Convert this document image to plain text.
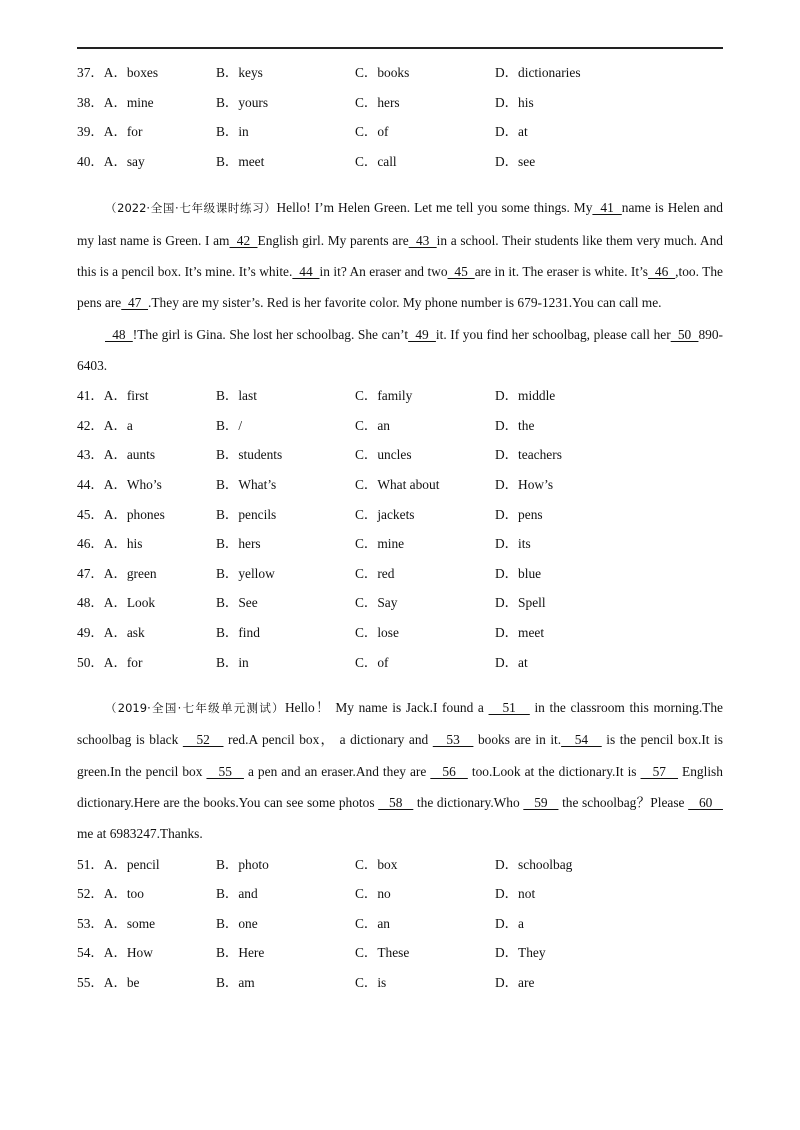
37．A．boxes	B．keys	C．books	D．dictionaries
38．A．mine	B．yours	C．hers	D．his
39．A．for	B．in	C．of	D．at
40．A．say	B．meet	C．call	D．see

（2022·全国·七年级课时练习）Hello! I’m Helen Green. Let me tell you some things. My  41  name is Helen and my last name is Green. I am  42  English girl. My parents are  43  in a school. Their students like them very much. And this is a pencil box. It’s mine. It’s white.  44  in it? An eraser and two  45  are in it. The eraser is white. It’s  46  ,too. The pens are  47  .They are my sister’s. Red is her favorite color. My phone number is 679-1231.You can call me.

48  !The girl is Gina. She lost her schoolbag. She can’t  49  it. If you find her schoolbag, please call her  50  890-6403.

41．A．first	B．last	C．family	D．middle
42．A．a	B．/	C．an	D．the
43．A．aunts	B．students	C．uncles	D．teachers
44．A．Who’s	B．What’s	C．What about	D．How’s
45．A．phones	B．pencils	C．jackets	D．pens
46．A．his	B．hers	C．mine	D．its
47．A．green	B．yellow	C．red	D．blue
48．A．Look	B．See	C．Say	D．Spell
49．A．ask	B．find	C．lose	D．meet
50．A．for	B．in	C．of	D．at

（2019·全国·七年级单元测试）Hello！ My name is Jack.I found a    51    in the classroom this morning.The schoolbag is black    52    red.A pencil box， a dictionary and    53    books are in it.   54    is the pencil box.It is green.In the pencil box    55    a pen and an eraser.And they are    56    too.Look at the dictionary.It is    57    English dictionary.Here are the books.You can see some photos    58    the dictionary.Who    59    the schoolbag？Please    60    me at 6983247.Thanks.

51．A．pencil	B．photo	C．box	D．schoolbag
52．A．too	B．and	C．no	D．not
53．A．some	B．one	C．an	D．a
54．A．How	B．Here	C．These	D．They
55．A．be	B．am	C．is	D．are
